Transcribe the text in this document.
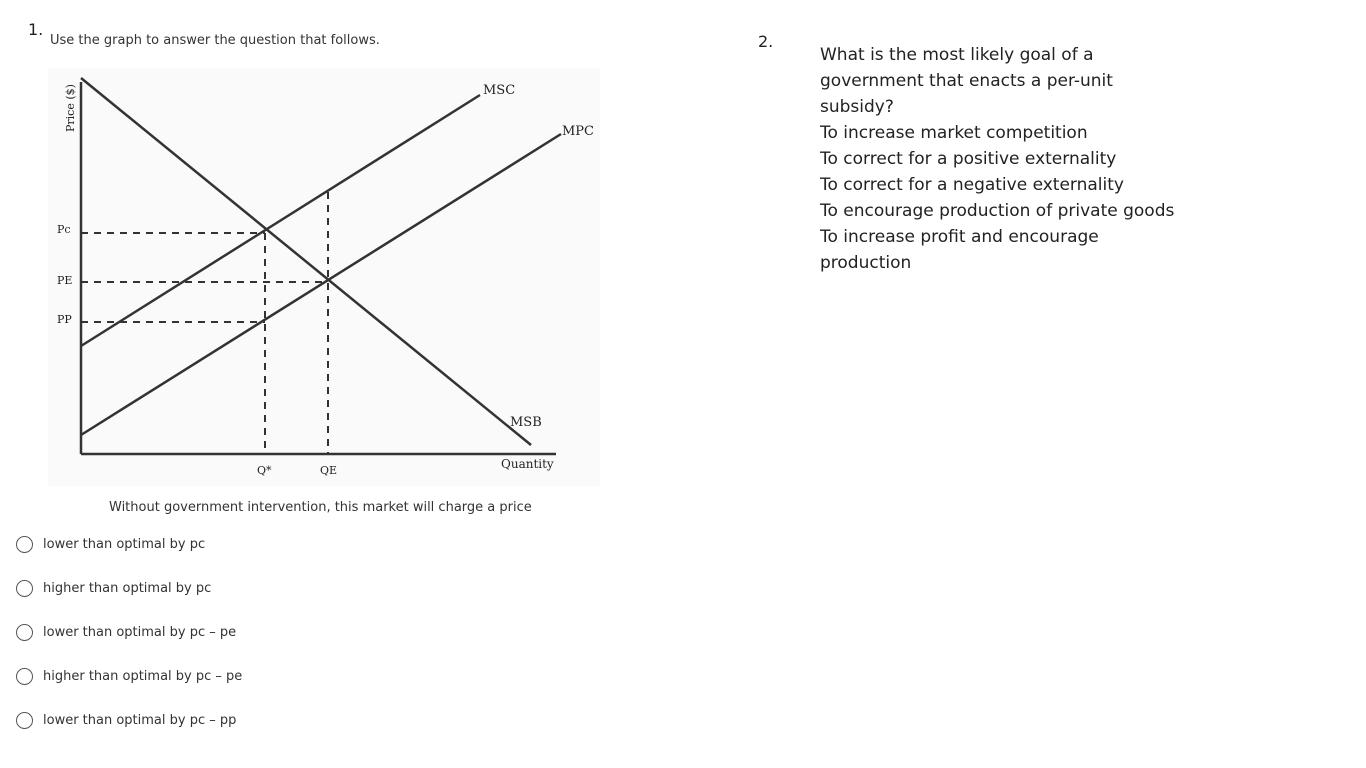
1.
Use the graph to answer the question that follows.
MSC
MPC
MSB
Quantity
Price ($)
Pc
PE
PP
Q*	QE
Without government intervention, this market will charge a price
lower than optimal by pc
higher than optimal by pc
lower than optimal by pc – pe
higher than optimal by pc – pe
lower than optimal by pc – pp
2.
What is the most likely goal of a
government that enacts a per-unit
subsidy?
To increase market competition
To correct for a positive externality
To correct for a negative externality
To encourage production of private goods
To increase profit and encourage
production
